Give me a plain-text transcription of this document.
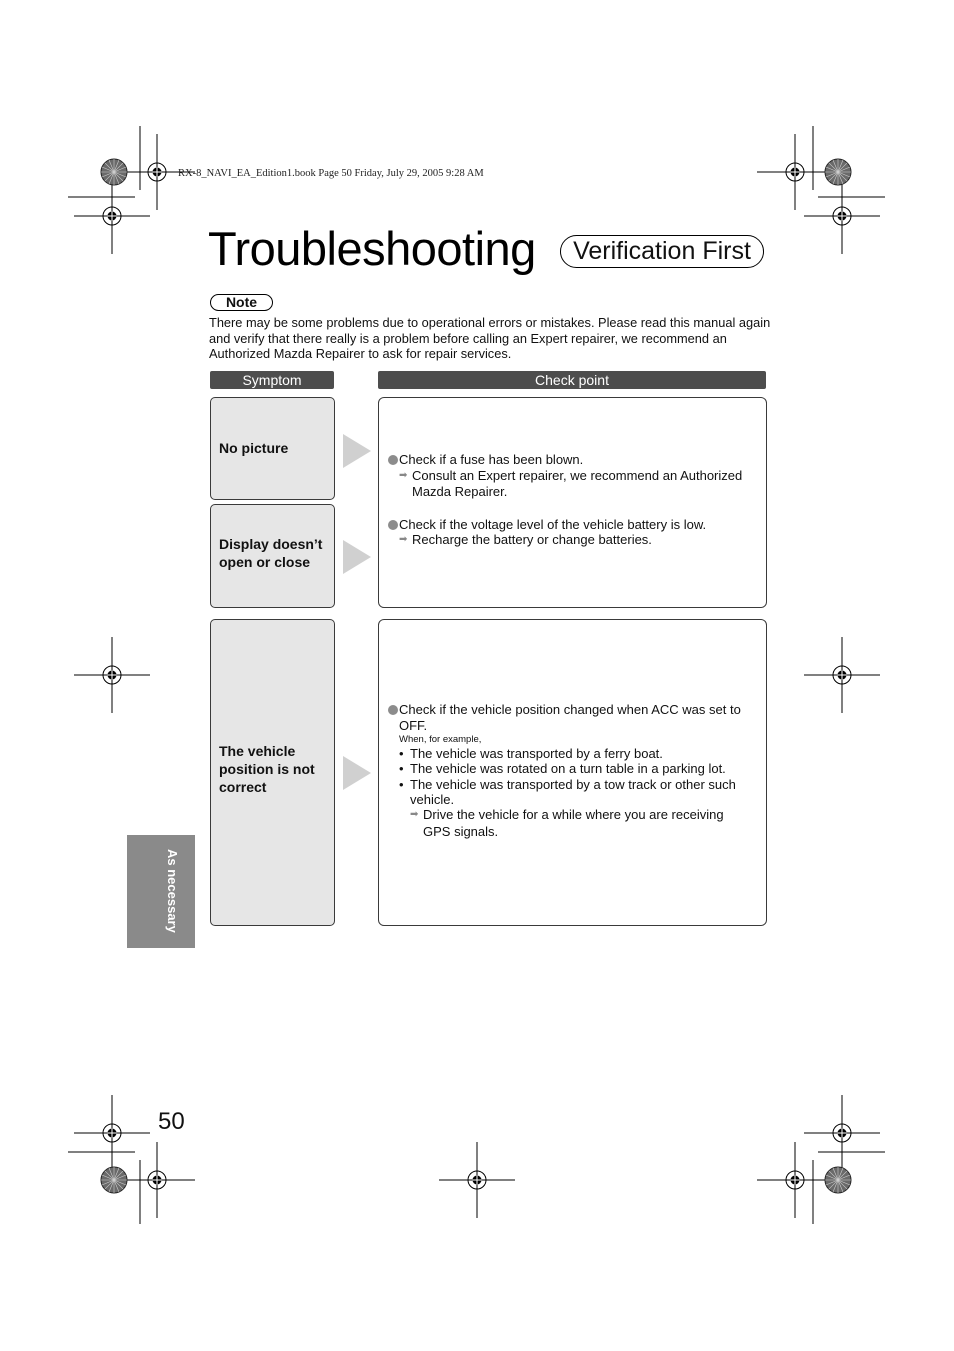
RX-8_NAVI_EA_Edition1.book Page 50 Friday, July 29, 2005 9:28 AM
Troubleshooting	Verification First
Note
There may be some problems due to operational errors or mistakes. Please read this manual again and verify that there really is a problem before calling an Expert repairer, we recommend an Authorized Mazda Repairer to ask for repair services.
Symptom	Check point
No picture
Display doesn’t open or close
The vehicle position is not correct
Check if a fuse has been blown.
➡ Consult an Expert repairer, we recommend an Authorized Mazda Repairer.
Check if the voltage level of the vehicle battery is low.
➡ Recharge the battery or change batteries.
Check if the vehicle position changed when ACC was set to OFF.
When, for example,
• The vehicle was transported by a ferry boat.
• The vehicle was rotated on a turn table in a parking lot.
• The vehicle was transported by a tow track or other such vehicle.
➡ Drive the vehicle for a while where you are receiving GPS signals.
As necessary
50
